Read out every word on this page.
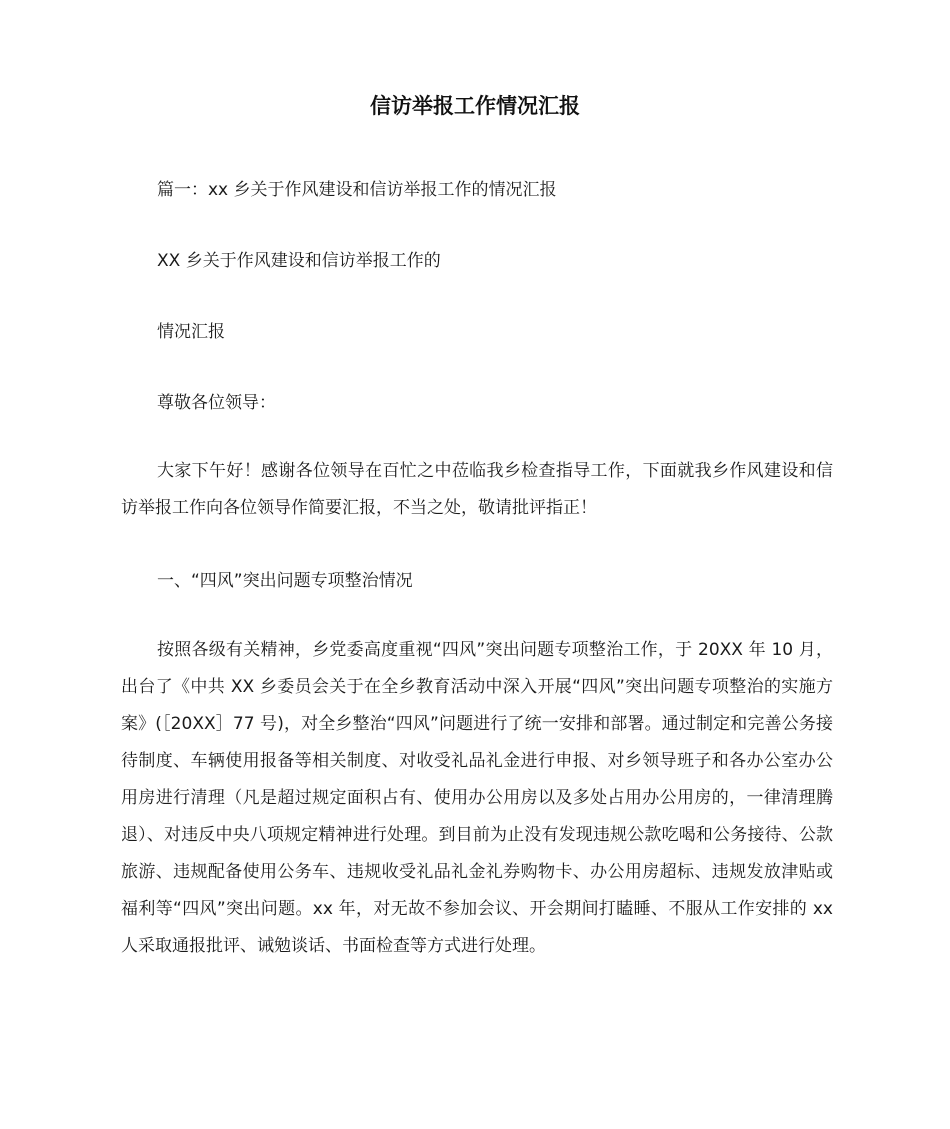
信访举报工作情况汇报
篇一：xx 乡关于作风建设和信访举报工作的情况汇报
XX 乡关于作风建设和信访举报工作的
情况汇报
尊敬各位领导：

大家下午好！感谢各位领导在百忙之中莅临我乡检查指导工作，下面就我乡作风建设和信访举报工作向各位领导作简要汇报，不当之处，敬请批评指正！

一、“四风”突出问题专项整治情况

按照各级有关精神，乡党委高度重视“四风”突出问题专项整治工作，于 20XX 年 10 月，出台了《中共 XX 乡委员会关于在全乡教育活动中深入开展“四风”突出问题专项整治的实施方案》(［20XX］77 号)，对全乡整治“四风”问题进行了统一安排和部署。通过制定和完善公务接待制度、车辆使用报备等相关制度、对收受礼品礼金进行申报、对乡领导班子和各办公室办公用房进行清理（凡是超过规定面积占有、使用办公用房以及多处占用办公用房的，一律清理腾退）、对违反中央八项规定精神进行处理。到目前为止没有发现违规公款吃喝和公务接待、公款旅游、违规配备使用公务车、违规收受礼品礼金礼券购物卡、办公用房超标、违规发放津贴或福利等“四风”突出问题。xx 年，对无故不参加会议、开会期间打瞌睡、不服从工作安排的 xx 人采取通报批评、诫勉谈话、书面检查等方式进行处理。
